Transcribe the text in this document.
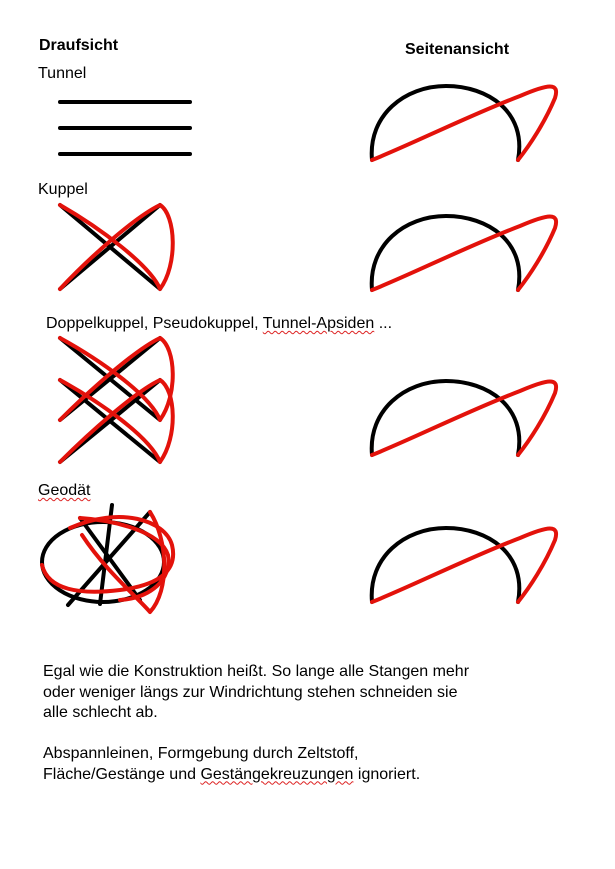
Draufsicht	Seitenansicht
Tunnel
Kuppel
Doppelkuppel, Pseudokuppel, Tunnel-Apsiden ...
Geodät
Egal wie die Konstruktion heißt. So lange alle Stangen mehr
oder weniger längs zur Windrichtung stehen schneiden sie
alle schlecht ab.
Abspannleinen, Formgebung durch Zeltstoff,
Fläche/Gestänge und Gestängekreuzungen ignoriert.
